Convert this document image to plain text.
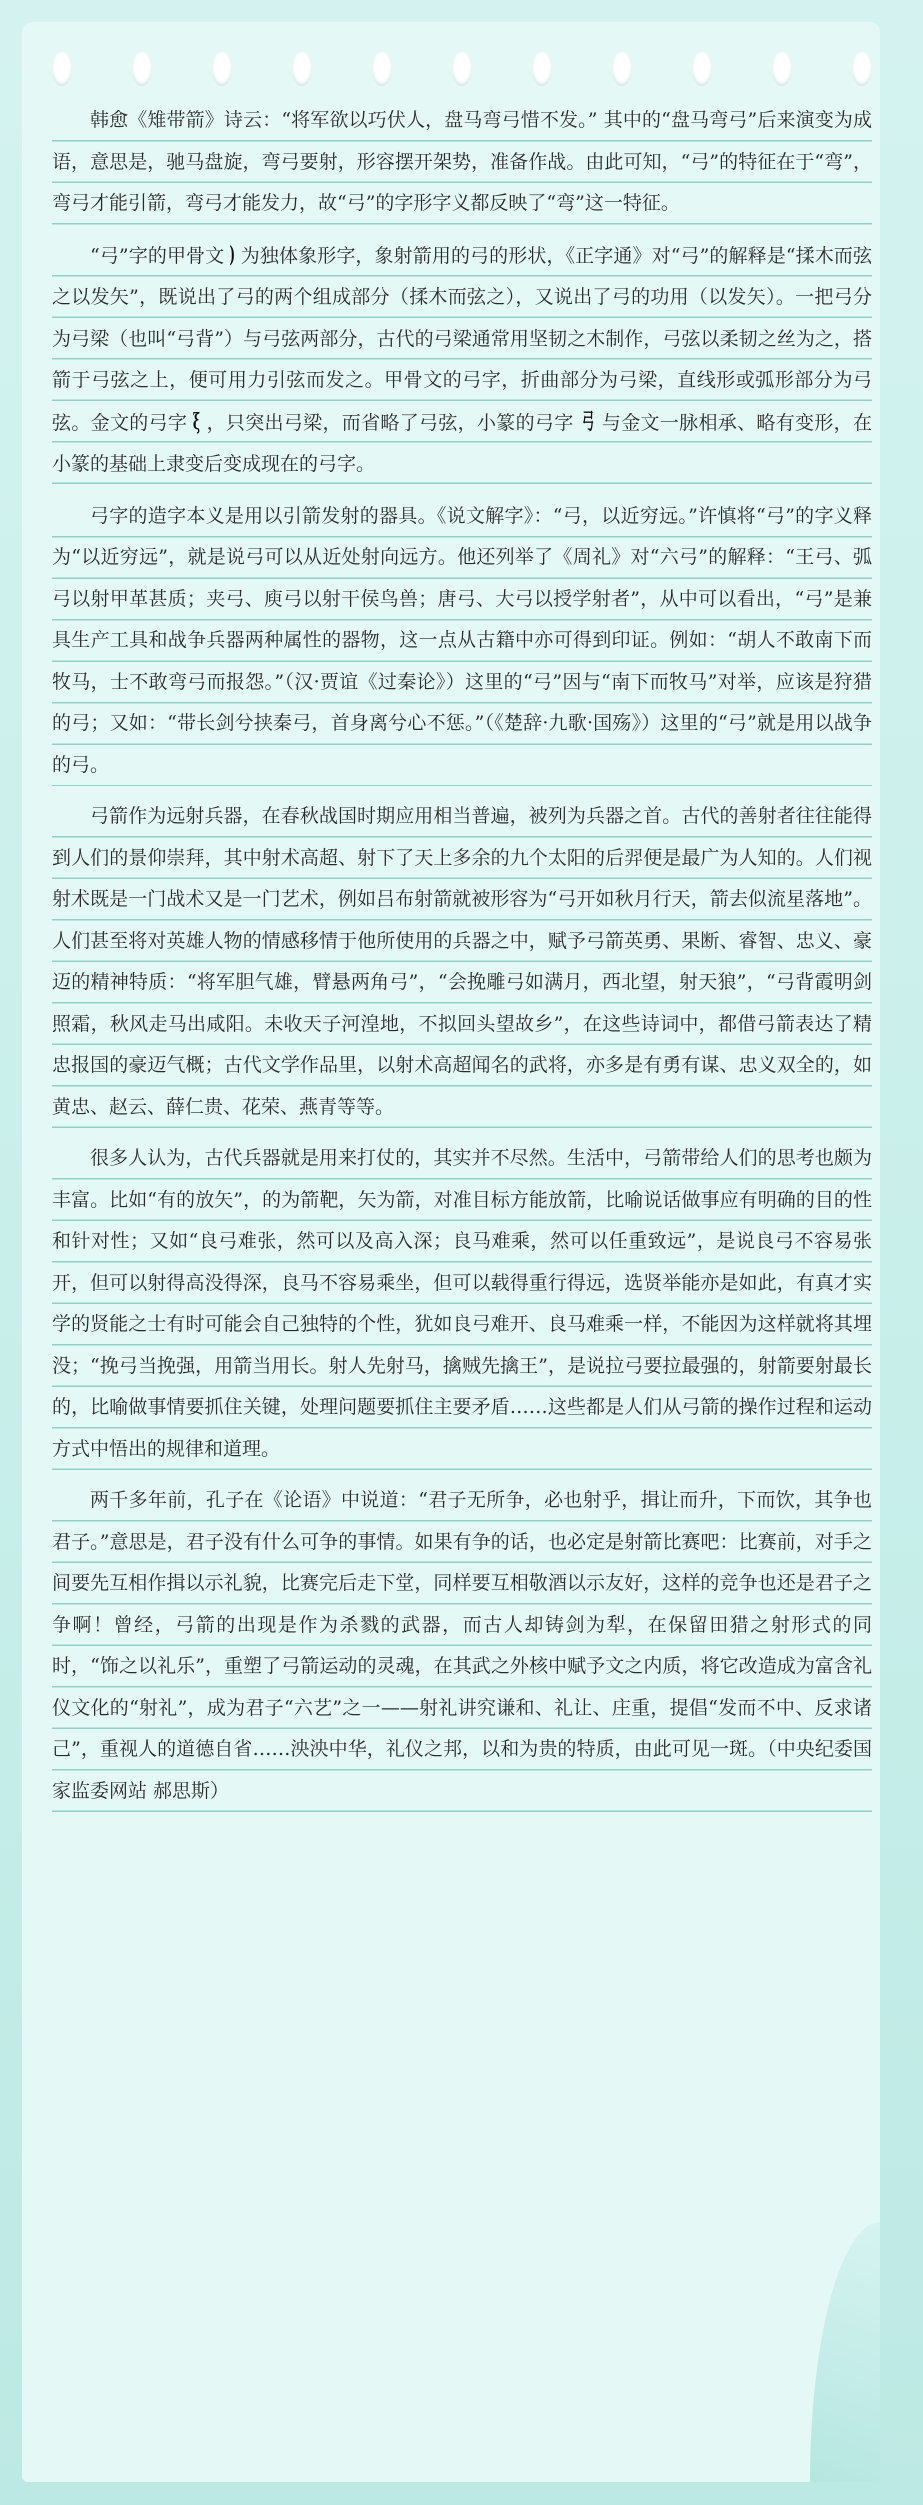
韩愈《雉带箭》诗云：“将军欲以巧伏人，盘马弯弓惜不发。” 其中的“盘马弯弓”后来演变为成语，意思是，驰马盘旋，弯弓要射，形容摆开架势，准备作战。由此可知，“弓”的特征在于“弯”，弯弓才能引箭，弯弓才能发力，故“弓”的字形字义都反映了“弯”这一特征。

“弓”字的甲骨文 ) 为独体象形字，象射箭用的弓的形状，《正字通》对“弓”的解释是“揉木而弦之以发矢”，既说出了弓的两个组成部分（揉木而弦之），又说出了弓的功用（以发矢）。一把弓分为弓梁（也叫“弓背”）与弓弦两部分，古代的弓梁通常用坚韧之木制作，弓弦以柔韧之丝为之，搭箭于弓弦之上，便可用力引弦而发之。甲骨文的弓字，折曲部分为弓梁，直线形或弧形部分为弓弦。金文的弓字 ξ ，只突出弓梁，而省略了弓弦，小篆的弓字 弓 与金文一脉相承、略有变形，在小篆的基础上隶变后变成现在的弓字。

弓字的造字本义是用以引箭发射的器具。《说文解字》：“弓，以近穷远。”许慎将“弓”的字义释为“以近穷远”，就是说弓可以从近处射向远方。他还列举了《周礼》对“六弓”的解释：“王弓、弧弓以射甲革甚质；夹弓、庾弓以射干侯鸟兽；唐弓、大弓以授学射者”，从中可以看出，“弓”是兼具生产工具和战争兵器两种属性的器物，这一点从古籍中亦可得到印证。例如：“胡人不敢南下而牧马，士不敢弯弓而报怨。”（汉·贾谊《过秦论》）这里的“弓”因与“南下而牧马”对举，应该是狩猎的弓；又如：“带长剑兮挟秦弓，首身离兮心不惩。”（《楚辞·九歌·国殇》）这里的“弓”就是用以战争的弓。

弓箭作为远射兵器，在春秋战国时期应用相当普遍，被列为兵器之首。古代的善射者往往能得到人们的景仰崇拜，其中射术高超、射下了天上多余的九个太阳的后羿便是最广为人知的。人们视射术既是一门战术又是一门艺术，例如吕布射箭就被形容为“弓开如秋月行天，箭去似流星落地”。人们甚至将对英雄人物的情感移情于他所使用的兵器之中，赋予弓箭英勇、果断、睿智、忠义、豪迈的精神特质：“将军胆气雄，臂悬两角弓”，“会挽雕弓如满月，西北望，射天狼”，“弓背霞明剑照霜，秋风走马出咸阳。未收天子河湟地，不拟回头望故乡”，在这些诗词中，都借弓箭表达了精忠报国的豪迈气概；古代文学作品里，以射术高超闻名的武将，亦多是有勇有谋、忠义双全的，如黄忠、赵云、薛仁贵、花荣、燕青等等。

很多人认为，古代兵器就是用来打仗的，其实并不尽然。生活中，弓箭带给人们的思考也颇为丰富。比如“有的放矢”，的为箭靶，矢为箭，对准目标方能放箭，比喻说话做事应有明确的目的性和针对性；又如“良弓难张，然可以及高入深；良马难乘，然可以任重致远”，是说良弓不容易张开，但可以射得高没得深，良马不容易乘坐，但可以载得重行得远，选贤举能亦是如此，有真才实学的贤能之士有时可能会自己独特的个性，犹如良弓难开、良马难乘一样，不能因为这样就将其埋没；“挽弓当挽强，用箭当用长。射人先射马，擒贼先擒王”，是说拉弓要拉最强的，射箭要射最长的，比喻做事情要抓住关键，处理问题要抓住主要矛盾……这些都是人们从弓箭的操作过程和运动方式中悟出的规律和道理。

两千多年前，孔子在《论语》中说道：“君子无所争，必也射乎，揖让而升，下而饮，其争也君子。”意思是，君子没有什么可争的事情。如果有争的话，也必定是射箭比赛吧：比赛前，对手之间要先互相作揖以示礼貌，比赛完后走下堂，同样要互相敬酒以示友好，这样的竞争也还是君子之争啊！曾经，弓箭的出现是作为杀戮的武器，而古人却铸剑为犁，在保留田猎之射形式的同时，“饰之以礼乐”，重塑了弓箭运动的灵魂，在其武之外核中赋予文之内质，将它改造成为富含礼仪文化的“射礼”，成为君子“六艺”之一——射礼讲究谦和、礼让、庄重，提倡“发而不中、反求诸己”，重视人的道德自省……泱泱中华，礼仪之邦，以和为贵的特质，由此可见一斑。（中央纪委国家监委网站 郝思斯）
